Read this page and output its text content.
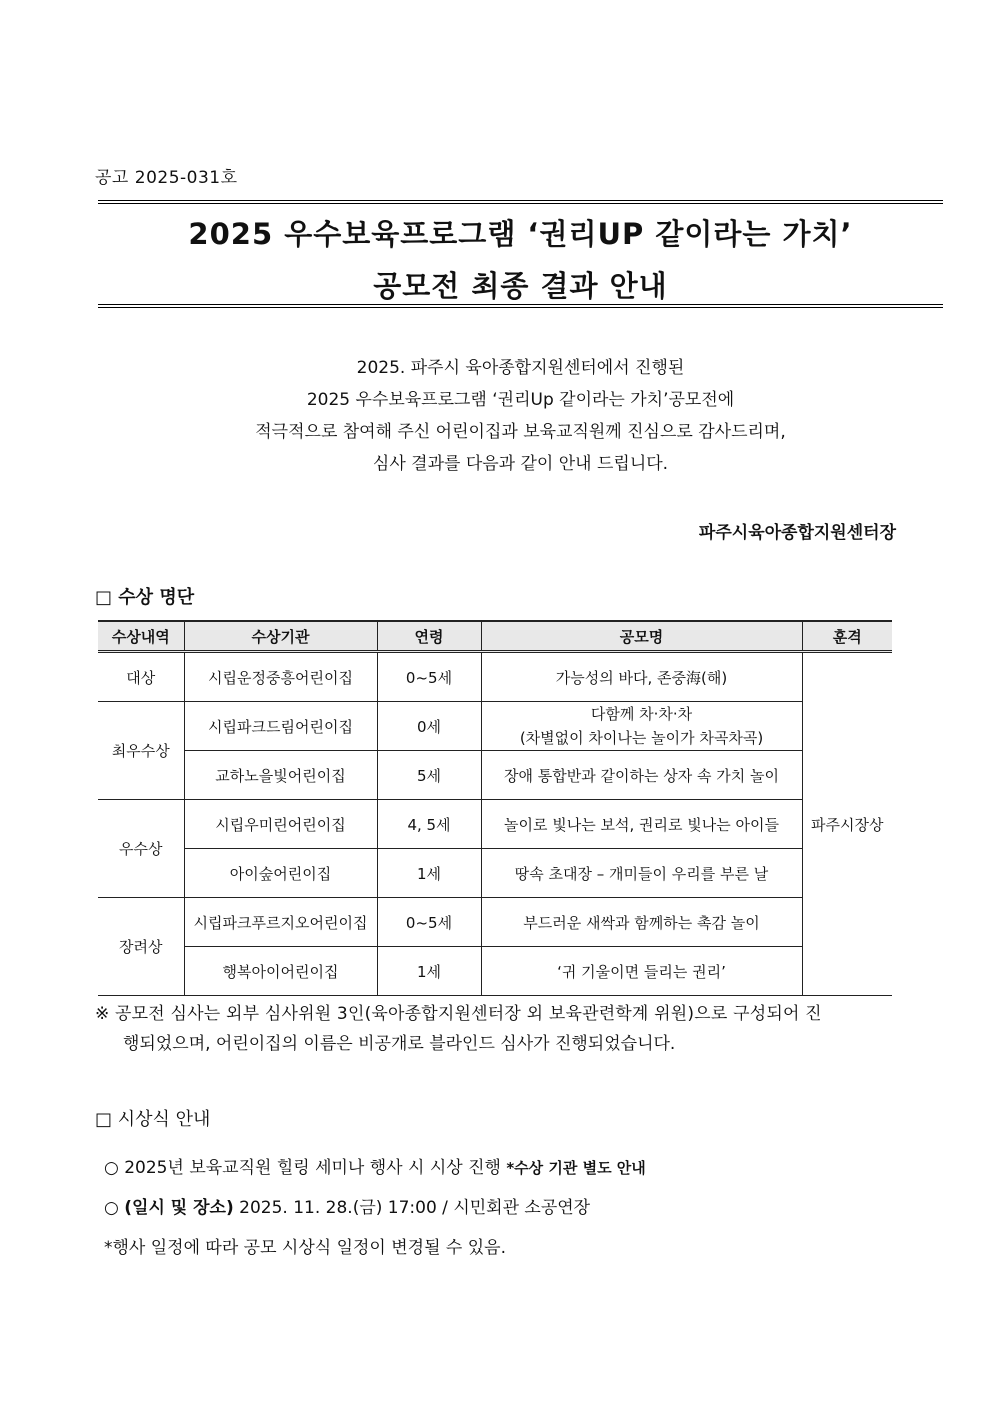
공고 2025-031호
2025 우수보육프로그램 ‘권리UP 같이라는 가치’
공모전 최종 결과 안내
2025. 파주시 육아종합지원센터에서 진행된
2025 우수보육프로그램 ‘권리Up 같이라는 가치’공모전에
적극적으로 참여해 주신 어린이집과 보육교직원께 진심으로 감사드리며,
심사 결과를 다음과 같이 안내 드립니다.
파주시육아종합지원센터장
□ 수상 명단
수상내역	수상기관	연령	공모명	훈격
대상	시립운정중흥어린이집	0~5세	가능성의 바다, 존중海(해)	파주시장상
최우수상	시립파크드림어린이집	0세	다함께 차·차·차
(차별없이 차이나는 놀이가 차곡차곡)	

	교하노을빛어린이집	5세	장애 통합반과 같이하는 상자 속 가치 놀이	
우수상	시립우미린어린이집	4, 5세	놀이로 빛나는 보석, 권리로 빛나는 아이들	
	아이숲어린이집	1세	땅속 초대장 – 개미들이 우리를 부른 날	
장려상	시립파크푸르지오어린이집	0~5세	부드러운 새싹과 함께하는 촉감 놀이	
	행복아이어린이집	1세	‘귀 기울이면 들리는 권리’	
※ 공모전 심사는 외부 심사위원 3인(육아종합지원센터장 외 보육관련학계 위원)으로 구성되어 진
행되었으며, 어린이집의 이름은 비공개로 블라인드 심사가 진행되었습니다.
□ 시상식 안내
○ 2025년 보육교직원 힐링 세미나 행사 시 시상 진행 *수상 기관 별도 안내
○ (일시 및 장소) 2025. 11. 28.(금) 17:00 / 시민회관 소공연장
*행사 일정에 따라 공모 시상식 일정이 변경될 수 있음.
